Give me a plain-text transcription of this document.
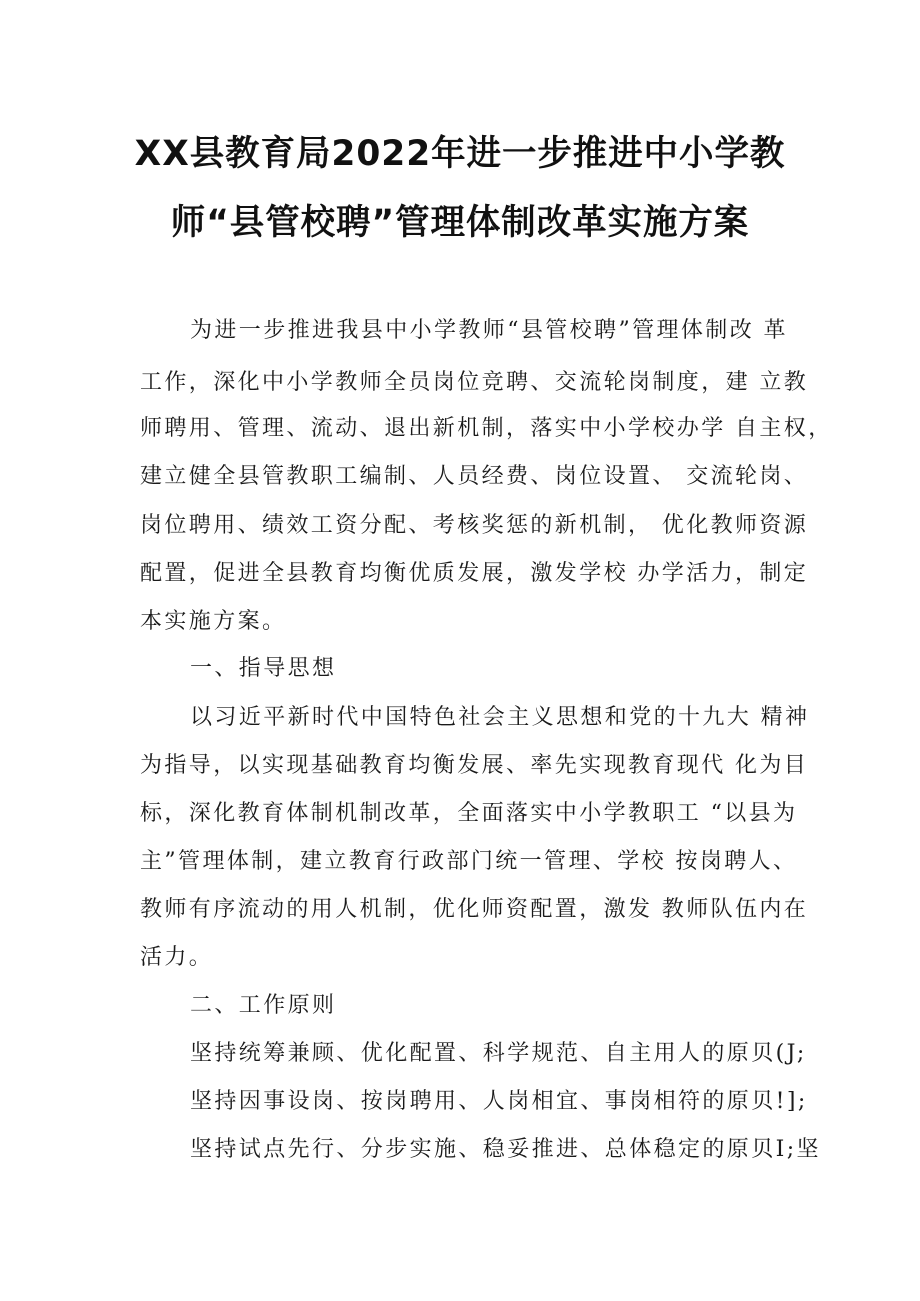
XX县教育局2022年进一步推进中小学教
师“县管校聘”管理体制改革实施方案
为进一步推进我县中小学教师“县管校聘”管理体制改 革
工作，深化中小学教师全员岗位竞聘、交流轮岗制度，建 立教
师聘用、管理、流动、退出新机制，落实中小学校办学 自主权，
建立健全县管教职工编制、人员经费、岗位设置、 交流轮岗、
岗位聘用、绩效工资分配、考核奖惩的新机制， 优化教师资源
配置，促进全县教育均衡优质发展，激发学校 办学活力，制定
本实施方案。
一、指导思想
以习近平新时代中国特色社会主义思想和党的十九大 精神
为指导，以实现基础教育均衡发展、率先实现教育现代 化为目
标，深化教育体制机制改革，全面落实中小学教职工 “以县为
主”管理体制，建立教育行政部门统一管理、学校 按岗聘人、
教师有序流动的用人机制，优化师资配置，激发 教师队伍内在
活力。
二、工作原则
坚持统筹兼顾、优化配置、科学规范、自主用人的原贝(J;
坚持因事设岗、按岗聘用、人岗相宜、事岗相符的原贝!];
坚持试点先行、分步实施、稳妥推进、总体稳定的原贝I;坚
